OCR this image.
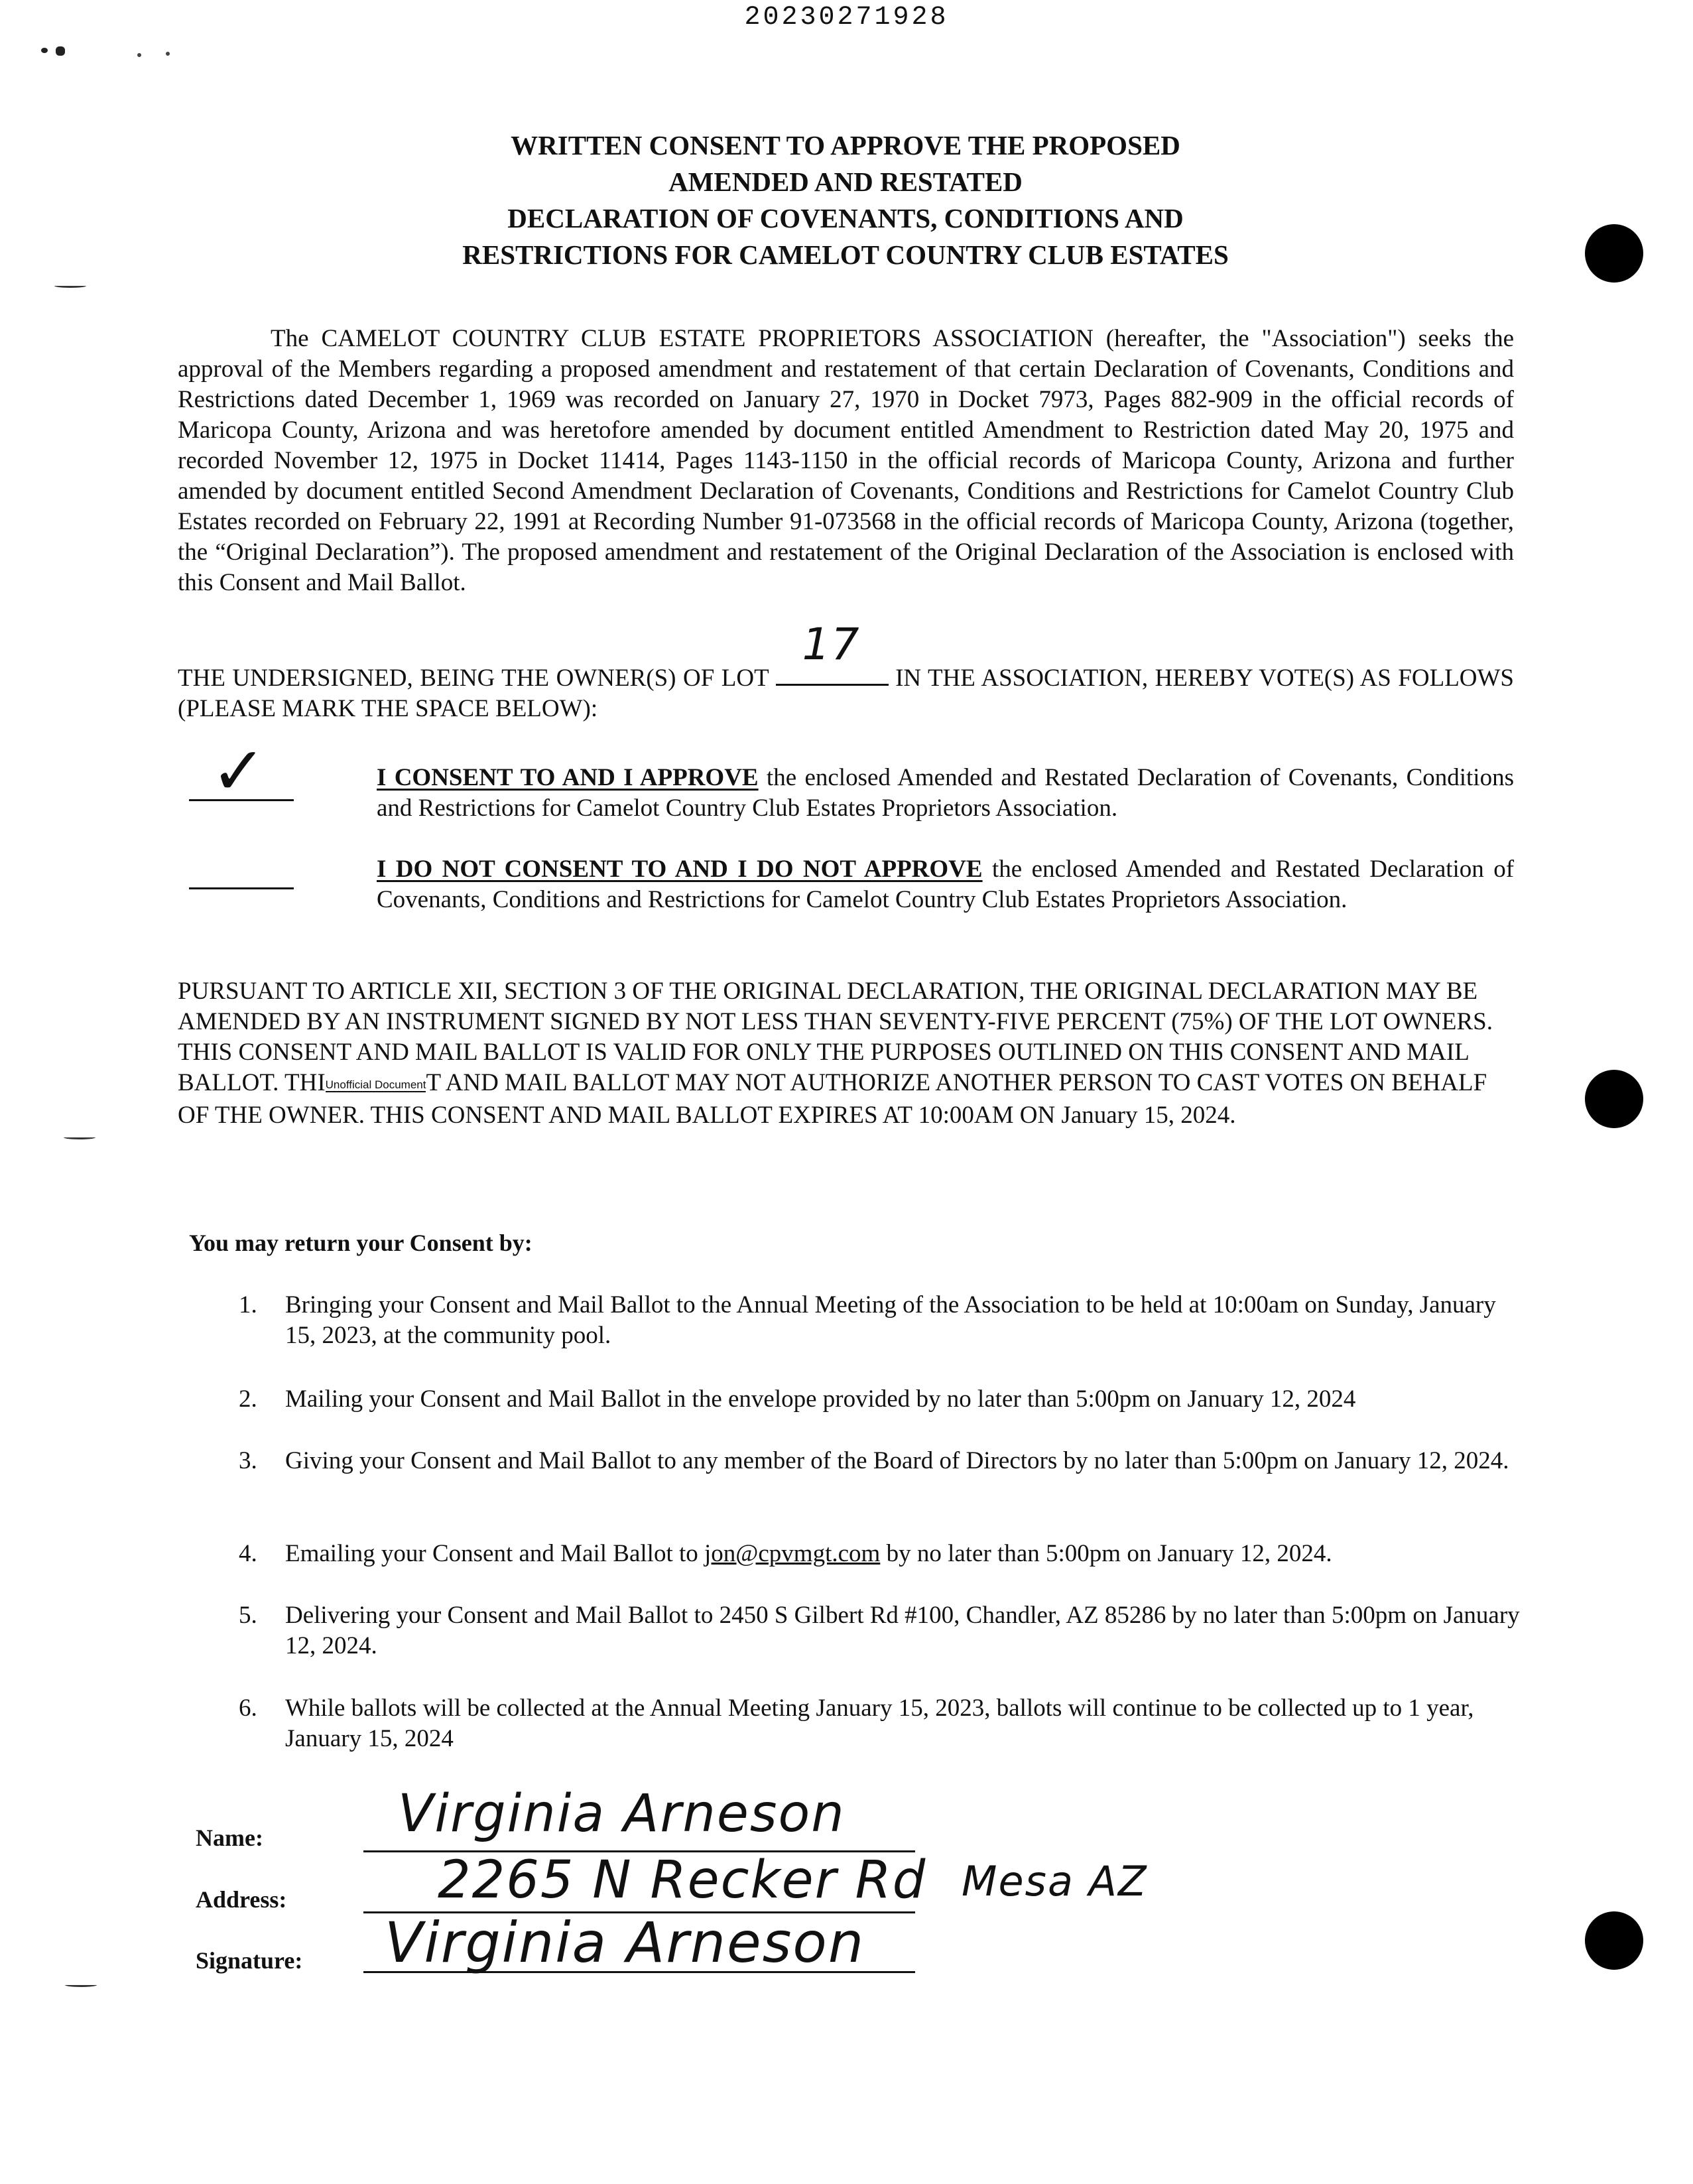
20230271928
WRITTEN CONSENT TO APPROVE THE PROPOSED
AMENDED AND RESTATED
DECLARATION OF COVENANTS, CONDITIONS AND
RESTRICTIONS FOR CAMELOT COUNTRY CLUB ESTATES
The CAMELOT COUNTRY CLUB ESTATE PROPRIETORS ASSOCIATION (hereafter, the "Association") seeks the approval of the Members regarding a proposed amendment and restatement of that certain Declaration of Covenants, Conditions and Restrictions dated December 1, 1969 was recorded on January 27, 1970 in Docket 7973, Pages 882-909 in the official records of Maricopa County, Arizona and was heretofore amended by document entitled Amendment to Restriction dated May 20, 1975 and recorded November 12, 1975 in Docket 11414, Pages 1143-1150 in the official records of Maricopa County, Arizona and further amended by document entitled Second Amendment Declaration of Covenants, Conditions and Restrictions for Camelot Country Club Estates recorded on February 22, 1991 at Recording Number 91-073568 in the official records of Maricopa County, Arizona (together, the “Original Declaration”). The proposed amendment and restatement of the Original Declaration of the Association is enclosed with this Consent and Mail Ballot.
THE UNDERSIGNED, BEING THE OWNER(S) OF LOT
17
IN THE ASSOCIATION, HEREBY VOTE(S) AS FOLLOWS (PLEASE MARK THE SPACE BELOW):
✓	I CONSENT TO AND I APPROVE the enclosed Amended and Restated Declaration of Covenants, Conditions and Restrictions for Camelot Country Club Estates Proprietors Association.
I DO NOT CONSENT TO AND I DO NOT APPROVE the enclosed Amended and Restated Declaration of Covenants, Conditions and Restrictions for Camelot Country Club Estates Proprietors Association.
PURSUANT TO ARTICLE XII, SECTION 3 OF THE ORIGINAL DECLARATION, THE ORIGINAL DECLARATION MAY BE AMENDED BY AN INSTRUMENT SIGNED BY NOT LESS THAN SEVENTY-FIVE PERCENT (75%) OF THE LOT OWNERS. THIS CONSENT AND MAIL BALLOT IS VALID FOR ONLY THE PURPOSES OUTLINED ON THIS CONSENT AND MAIL BALLOT. THIUnofficial DocumentT AND MAIL BALLOT MAY NOT AUTHORIZE ANOTHER PERSON TO CAST VOTES ON BEHALF OF THE OWNER. THIS CONSENT AND MAIL BALLOT EXPIRES AT 10:00AM ON January 15, 2024.
You may return your Consent by:
1.	Bringing your Consent and Mail Ballot to the Annual Meeting of the Association to be held at 10:00am on Sunday, January 15, 2023, at the community pool.
2.	Mailing your Consent and Mail Ballot in the envelope provided by no later than 5:00pm on January 12, 2024
3.	Giving your Consent and Mail Ballot to any member of the Board of Directors by no later than 5:00pm on January 12, 2024.
4.	Emailing your Consent and Mail Ballot to jon@cpvmgt.com by no later than 5:00pm on January 12, 2024.
5.	Delivering your Consent and Mail Ballot to 2450 S Gilbert Rd #100, Chandler, AZ 85286 by no later than 5:00pm on January 12, 2024.
6.	While ballots will be collected at the Annual Meeting January 15, 2023, ballots will continue to be collected up to 1 year, January 15, 2024
Name:	Virginia Arneson
Address:	2265 N Recker Rd Mesa AZ
Signature: Virginia Arneson
